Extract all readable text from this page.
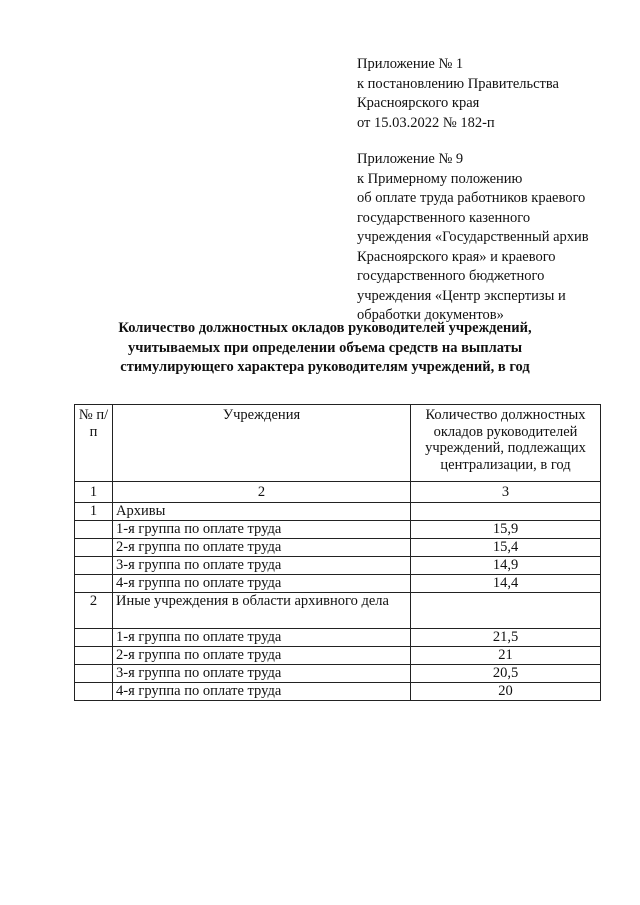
Приложение № 1

к постановлению Правительства

Красноярского края

от 15.03.2022 № 182-п

Приложение № 9

к Примерному положению

об оплате труда работников краевого

государственного казенного

учреждения «Государственный архив

Красноярского края» и краевого

государственного бюджетного

учреждения «Центр экспертизы и

обработки документов»

Количество должностных окладов руководителей учреждений,

учитываемых при определении объема средств на выплаты

стимулирующего характера руководителям учреждений, в год

№ п/п	Учреждения	Количество должностных окладов руководителей учреждений, подлежащих централизации, в год
1	2	3
1	Архивы	
	1-я группа по оплате труда	15,9
	2-я группа по оплате труда	15,4
	3-я группа по оплате труда	14,9
	4-я группа по оплате труда	14,4
2	Иные учреждения в области архивного дела	
	1-я группа по оплате труда	21,5
	2-я группа по оплате труда	21
	3-я группа по оплате труда	20,5
	4-я группа по оплате труда	20
